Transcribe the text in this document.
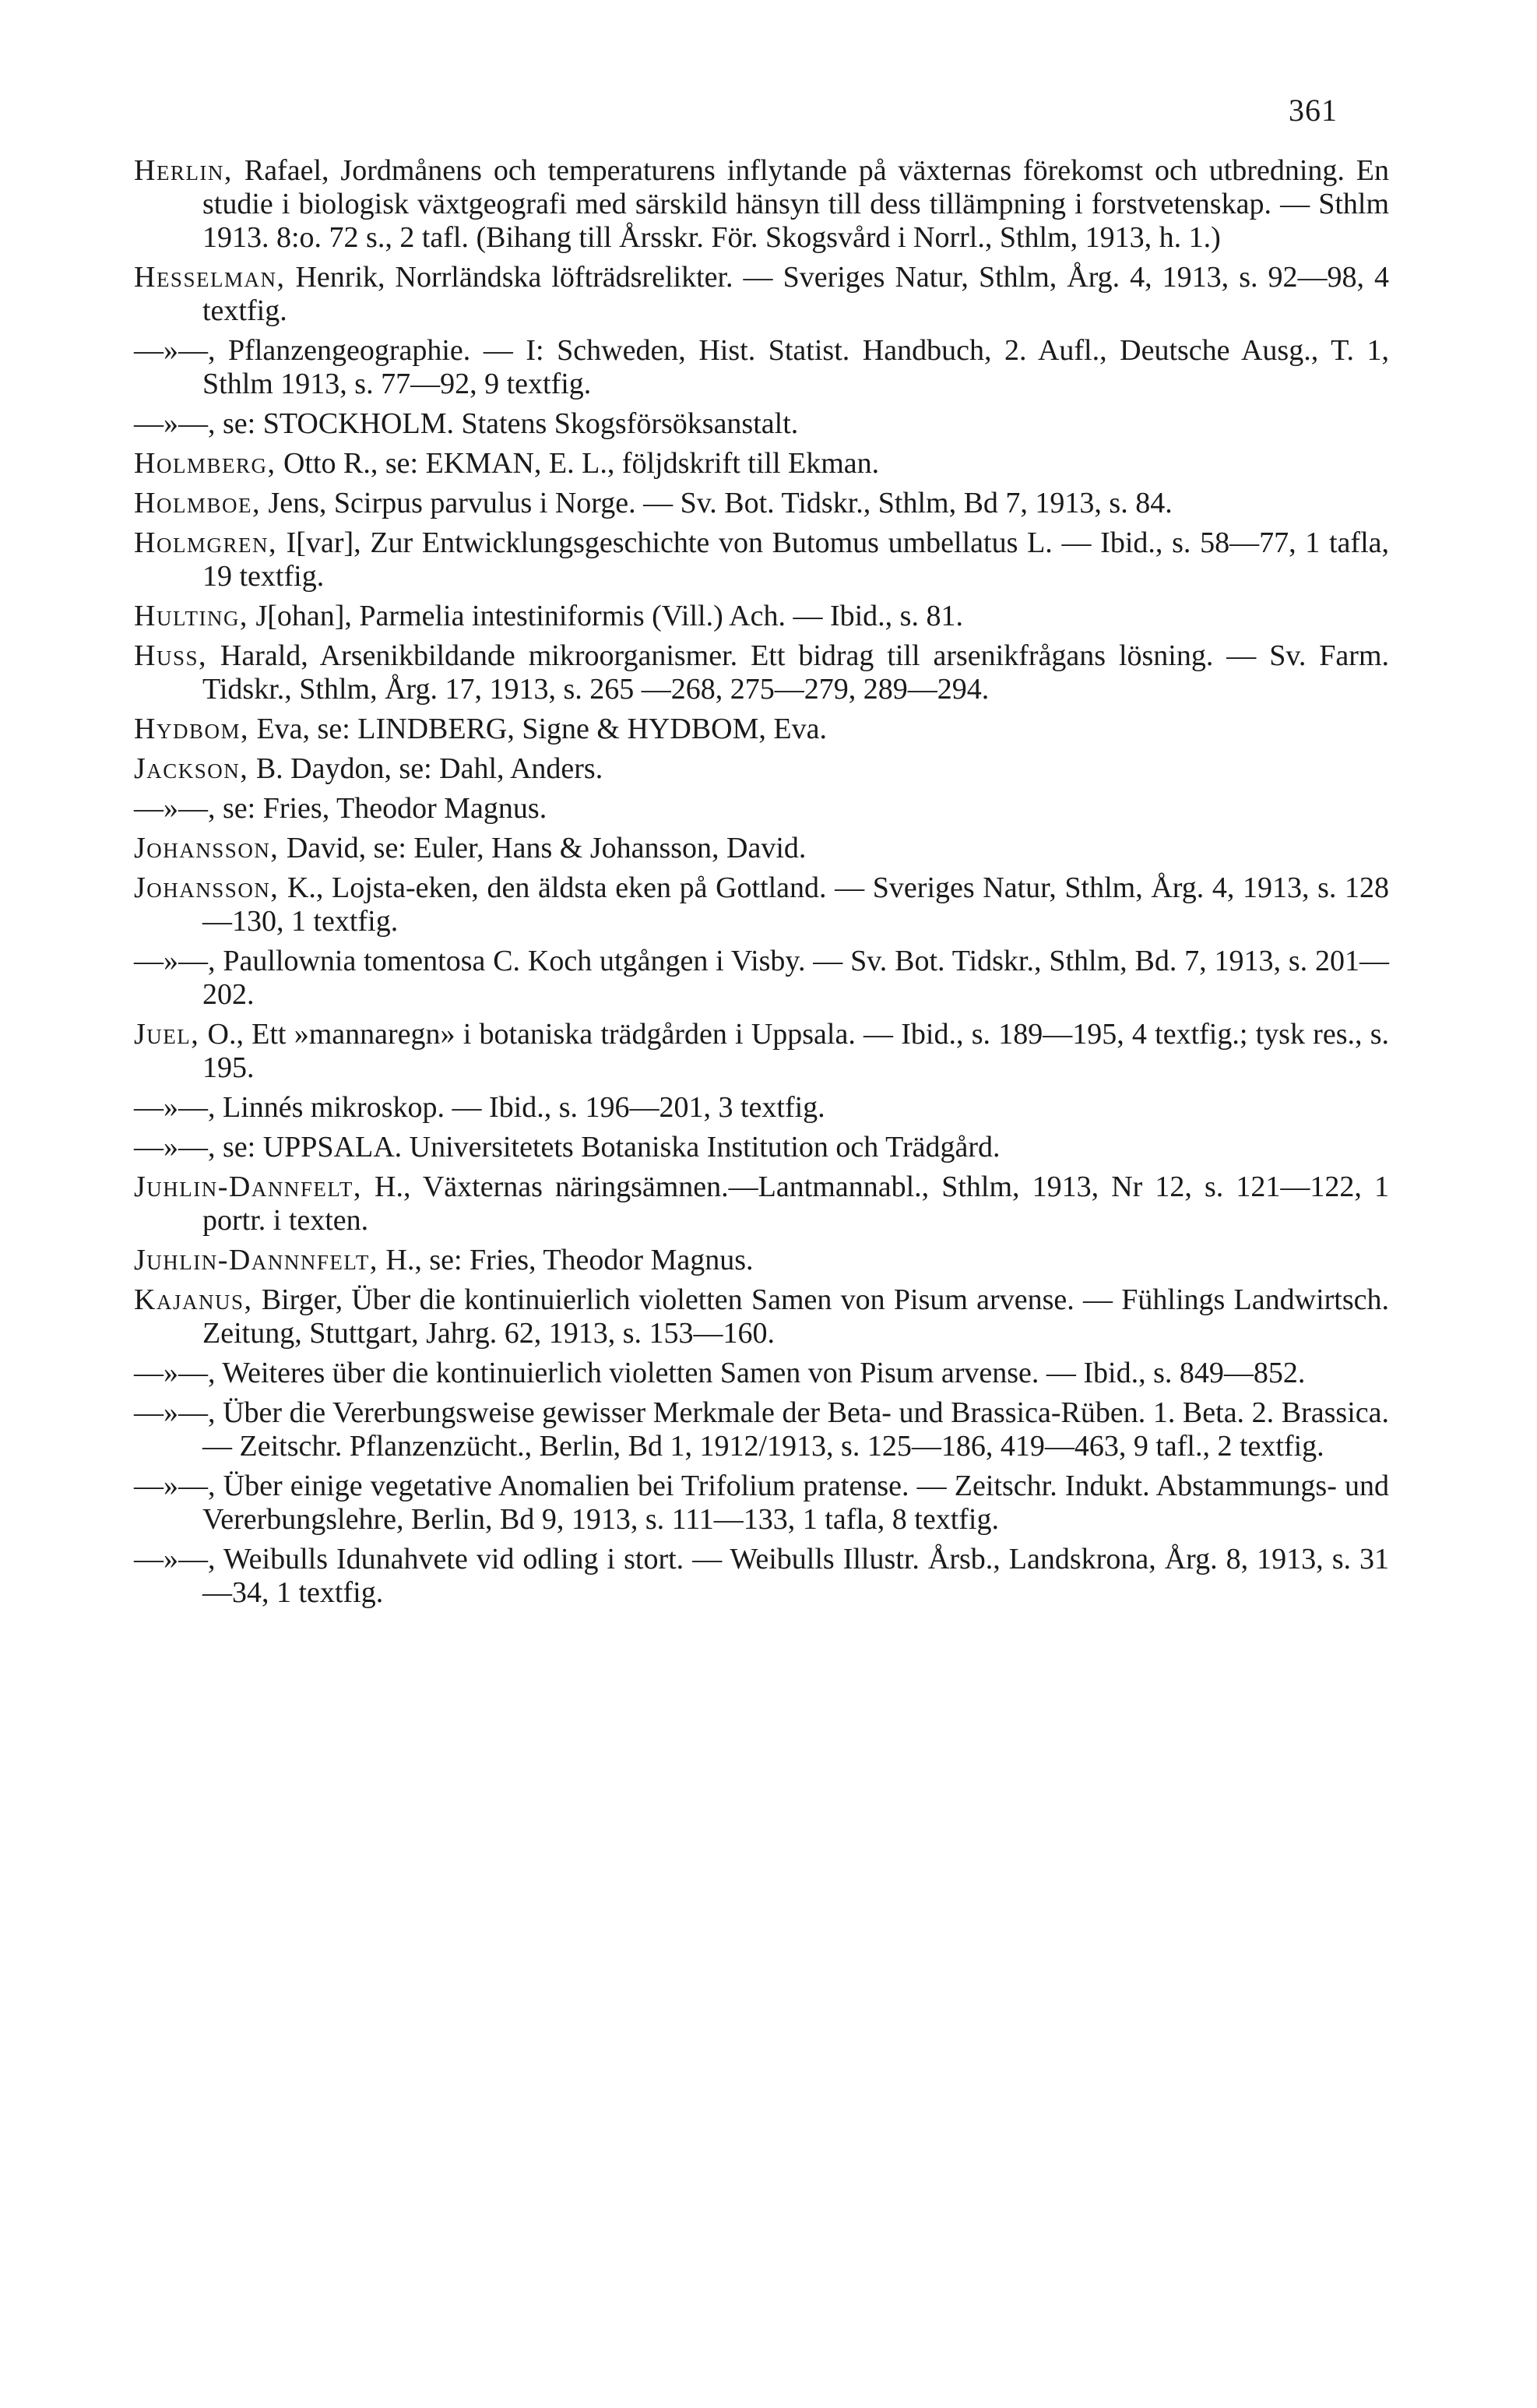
361

Herlin, Rafael, Jordmånens och temperaturens inflytande på växternas förekomst och utbredning. En studie i biologisk växtgeografi med särskild hänsyn till dess tillämpning i forstvetenskap. — Sthlm 1913. 8:o. 72 s., 2 tafl. (Bihang till Årsskr. För. Skogsvård i Norrl., Sthlm, 1913, h. 1.)

Hesselman, Henrik, Norrländska löfträdsrelikter. — Sveriges Natur, Sthlm, Årg. 4, 1913, s. 92—98, 4 textfig.

—»—, Pflanzengeographie. — I: Schweden, Hist. Statist. Handbuch, 2. Aufl., Deutsche Ausg., T. 1, Sthlm 1913, s. 77—92, 9 textfig.

—»—, se: STOCKHOLM. Statens Skogsförsöksanstalt.

Holmberg, Otto R., se: EKMAN, E. L., följdskrift till Ekman.

Holmboe, Jens, Scirpus parvulus i Norge. — Sv. Bot. Tidskr., Sthlm, Bd 7, 1913, s. 84.

Holmgren, I[var], Zur Entwicklungsgeschichte von Butomus umbellatus L. — Ibid., s. 58—77, 1 tafla, 19 textfig.

Hulting, J[ohan], Parmelia intestiniformis (Vill.) Ach. — Ibid., s. 81.

Huss, Harald, Arsenikbildande mikroorganismer. Ett bidrag till arsenikfrågans lösning. — Sv. Farm. Tidskr., Sthlm, Årg. 17, 1913, s. 265 —268, 275—279, 289—294.

Hydbom, Eva, se: LINDBERG, Signe & HYDBOM, Eva.

Jackson, B. Daydon, se: Dahl, Anders.

—»—, se: Fries, Theodor Magnus.

Johansson, David, se: Euler, Hans & Johansson, David.

Johansson, K., Lojsta-eken, den äldsta eken på Gottland. — Sveriges Natur, Sthlm, Årg. 4, 1913, s. 128—130, 1 textfig.

—»—, Paullownia tomentosa C. Koch utgången i Visby. — Sv. Bot. Tidskr., Sthlm, Bd. 7, 1913, s. 201—202.

Juel, O., Ett »mannaregn» i botaniska trädgården i Uppsala. — Ibid., s. 189—195, 4 textfig.; tysk res., s. 195.

—»—, Linnés mikroskop. — Ibid., s. 196—201, 3 textfig.

—»—, se: UPPSALA. Universitetets Botaniska Institution och Trädgård.

Juhlin-Dannfelt, H., Växternas näringsämnen.—Lantmannabl., Sthlm, 1913, Nr 12, s. 121—122, 1 portr. i texten.

Juhlin-Dannnfelt, H., se: Fries, Theodor Magnus.

Kajanus, Birger, Über die kontinuierlich violetten Samen von Pisum arvense. — Fühlings Landwirtsch. Zeitung, Stuttgart, Jahrg. 62, 1913, s. 153—160.

—»—, Weiteres über die kontinuierlich violetten Samen von Pisum arvense. — Ibid., s. 849—852.

—»—, Über die Vererbungsweise gewisser Merkmale der Beta- und Brassica-Rüben. 1. Beta. 2. Brassica. — Zeitschr. Pflanzenzücht., Berlin, Bd 1, 1912/1913, s. 125—186, 419—463, 9 tafl., 2 textfig.

—»—, Über einige vegetative Anomalien bei Trifolium pratense. — Zeitschr. Indukt. Abstammungs- und Vererbungslehre, Berlin, Bd 9, 1913, s. 111—133, 1 tafla, 8 textfig.

—»—, Weibulls Idunahvete vid odling i stort. — Weibulls Illustr. Årsb., Landskrona, Årg. 8, 1913, s. 31—34, 1 textfig.
